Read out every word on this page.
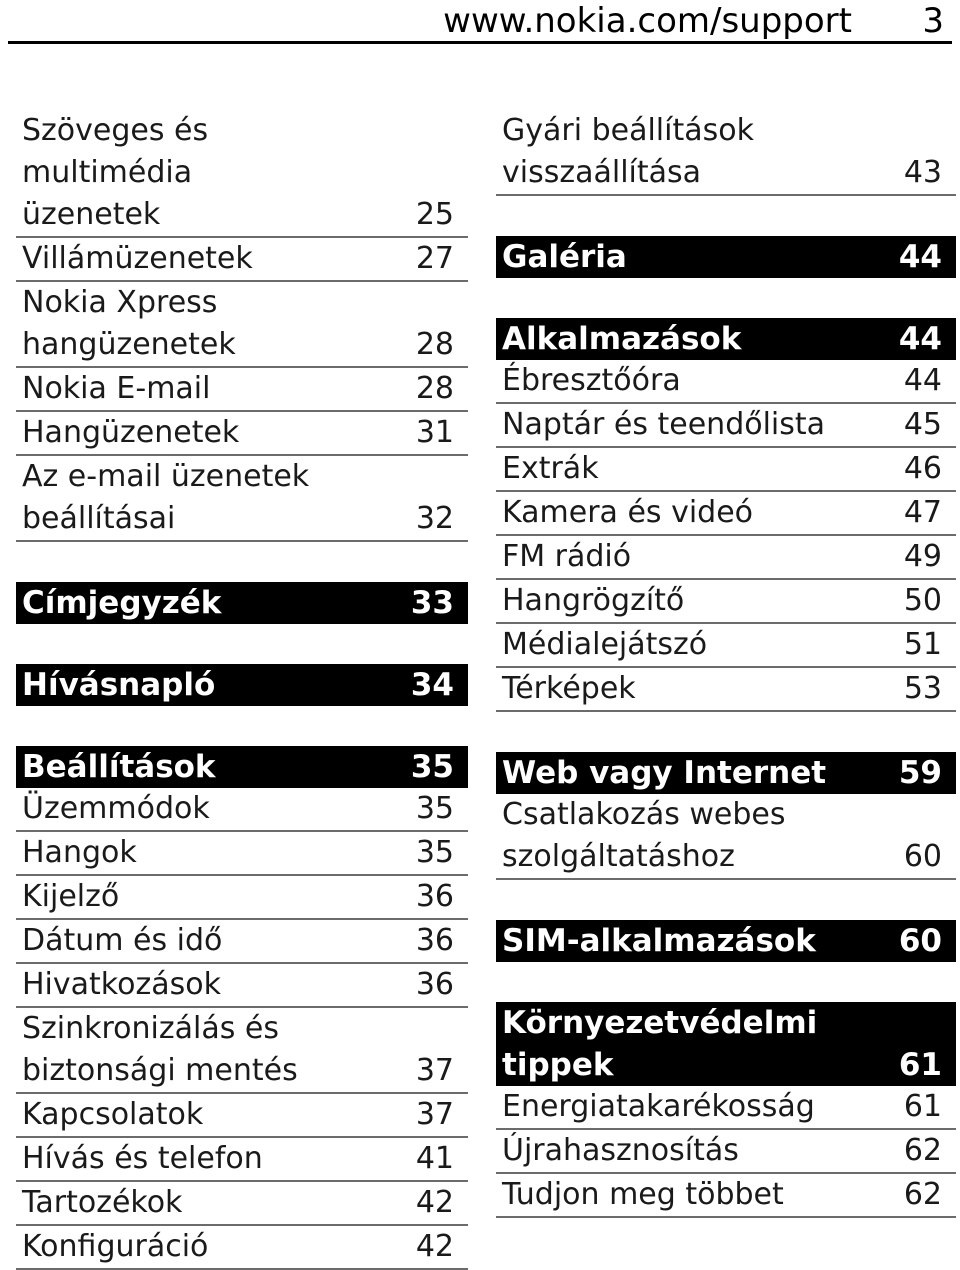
www.nokia.com/support 3
Szöveges és multimédia
üzenetek	25
Villámüzenetek	27
Nokia Xpress
hangüzenetek	28
Nokia E-mail	28
Hangüzenetek	31
Az e-mail üzenetek
beállításai	32
Címjegyzék	33
Hívásnapló	34
Beállítások	35
Üzemmódok	35
Hangok	35
Kijelző	36
Dátum és idő	36
Hivatkozások	36
Szinkronizálás és
biztonsági mentés	37
Kapcsolatok	37
Hívás és telefon	41
Tartozékok	42
Konfiguráció	42
Gyári beállítások
visszaállítása	43
Galéria	44
Alkalmazások	44
Ébresztőóra	44
Naptár és teendőlista	45
Extrák	46
Kamera és videó	47
FM rádió	49
Hangrögzítő	50
Médialejátszó	51
Térképek	53
Web vagy Internet	59
Csatlakozás webes
szolgáltatáshoz	60
SIM-alkalmazások	60
Környezetvédelmi
tippek	61
Energiatakarékosság	61
Újrahasznosítás	62
Tudjon meg többet	62
